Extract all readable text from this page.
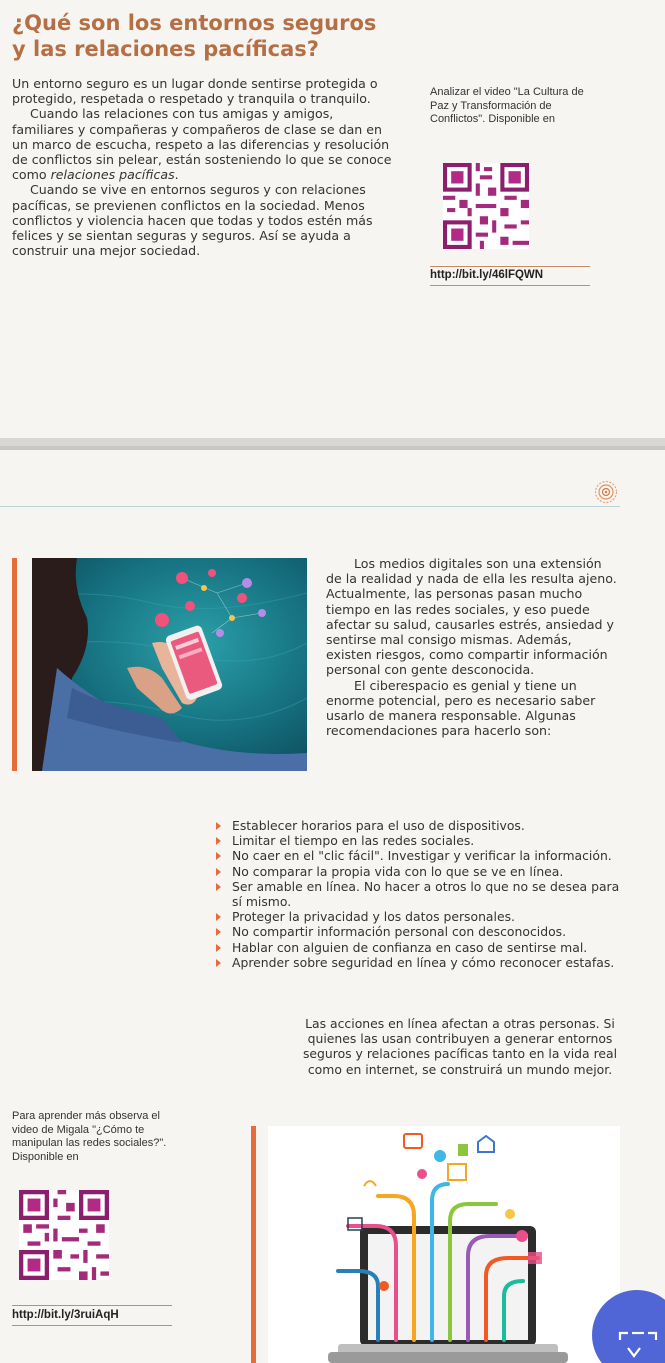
¿Qué son los entornos seguros
y las relaciones pacíficas?

Un entorno seguro es un lugar donde sentirse protegida o protegido, respetada o respetado y tranquila o tranquilo.

Cuando las relaciones con tus amigas y amigos, familiares y compañeras y compañeros de clase se dan en un marco de escucha, respeto a las diferencias y resolución de conflictos sin pelear, están sosteniendo lo que se conoce como relaciones pacíficas.

Cuando se vive en entornos seguros y con relaciones pacíficas, se previenen conflictos en la sociedad. Menos conflictos y violencia hacen que todas y todos estén más felices y se sientan seguras y seguros. Así se ayuda a construir una mejor sociedad.

Analizar el video "La Cultura de Paz y Transformación de Conflictos". Disponible en

http://bit.ly/46lFQWN

Los medios digitales son una extensión de la realidad y nada de ella les resulta ajeno. Actualmente, las personas pasan mucho tiempo en las redes sociales, y eso puede afectar su salud, causarles estrés, ansiedad y sentirse mal consigo mismas. Además, existen riesgos, como compartir información personal con gente desconocida.

El ciberespacio es genial y tiene un enorme potencial, pero es necesario saber usarlo de manera responsable. Algunas recomendaciones para hacerlo son:

Establecer horarios para el uso de dispositivos.
Limitar el tiempo en las redes sociales.
No caer en el "clic fácil". Investigar y verificar la información.
No comparar la propia vida con lo que se ve en línea.
Ser amable en línea. No hacer a otros lo que no se desea para sí mismo.
Proteger la privacidad y los datos personales.
No compartir información personal con desconocidos.
Hablar con alguien de confianza en caso de sentirse mal.
Aprender sobre seguridad en línea y cómo reconocer estafas.

Las acciones en línea afectan a otras personas. Si quienes las usan contribuyen a generar entornos seguros y relaciones pacíficas tanto en la vida real como en internet, se construirá un mundo mejor.

Para aprender más observa el video de Migala "¿Cómo te manipulan las redes sociales?". Disponible en

http://bit.ly/3ruiAqH
